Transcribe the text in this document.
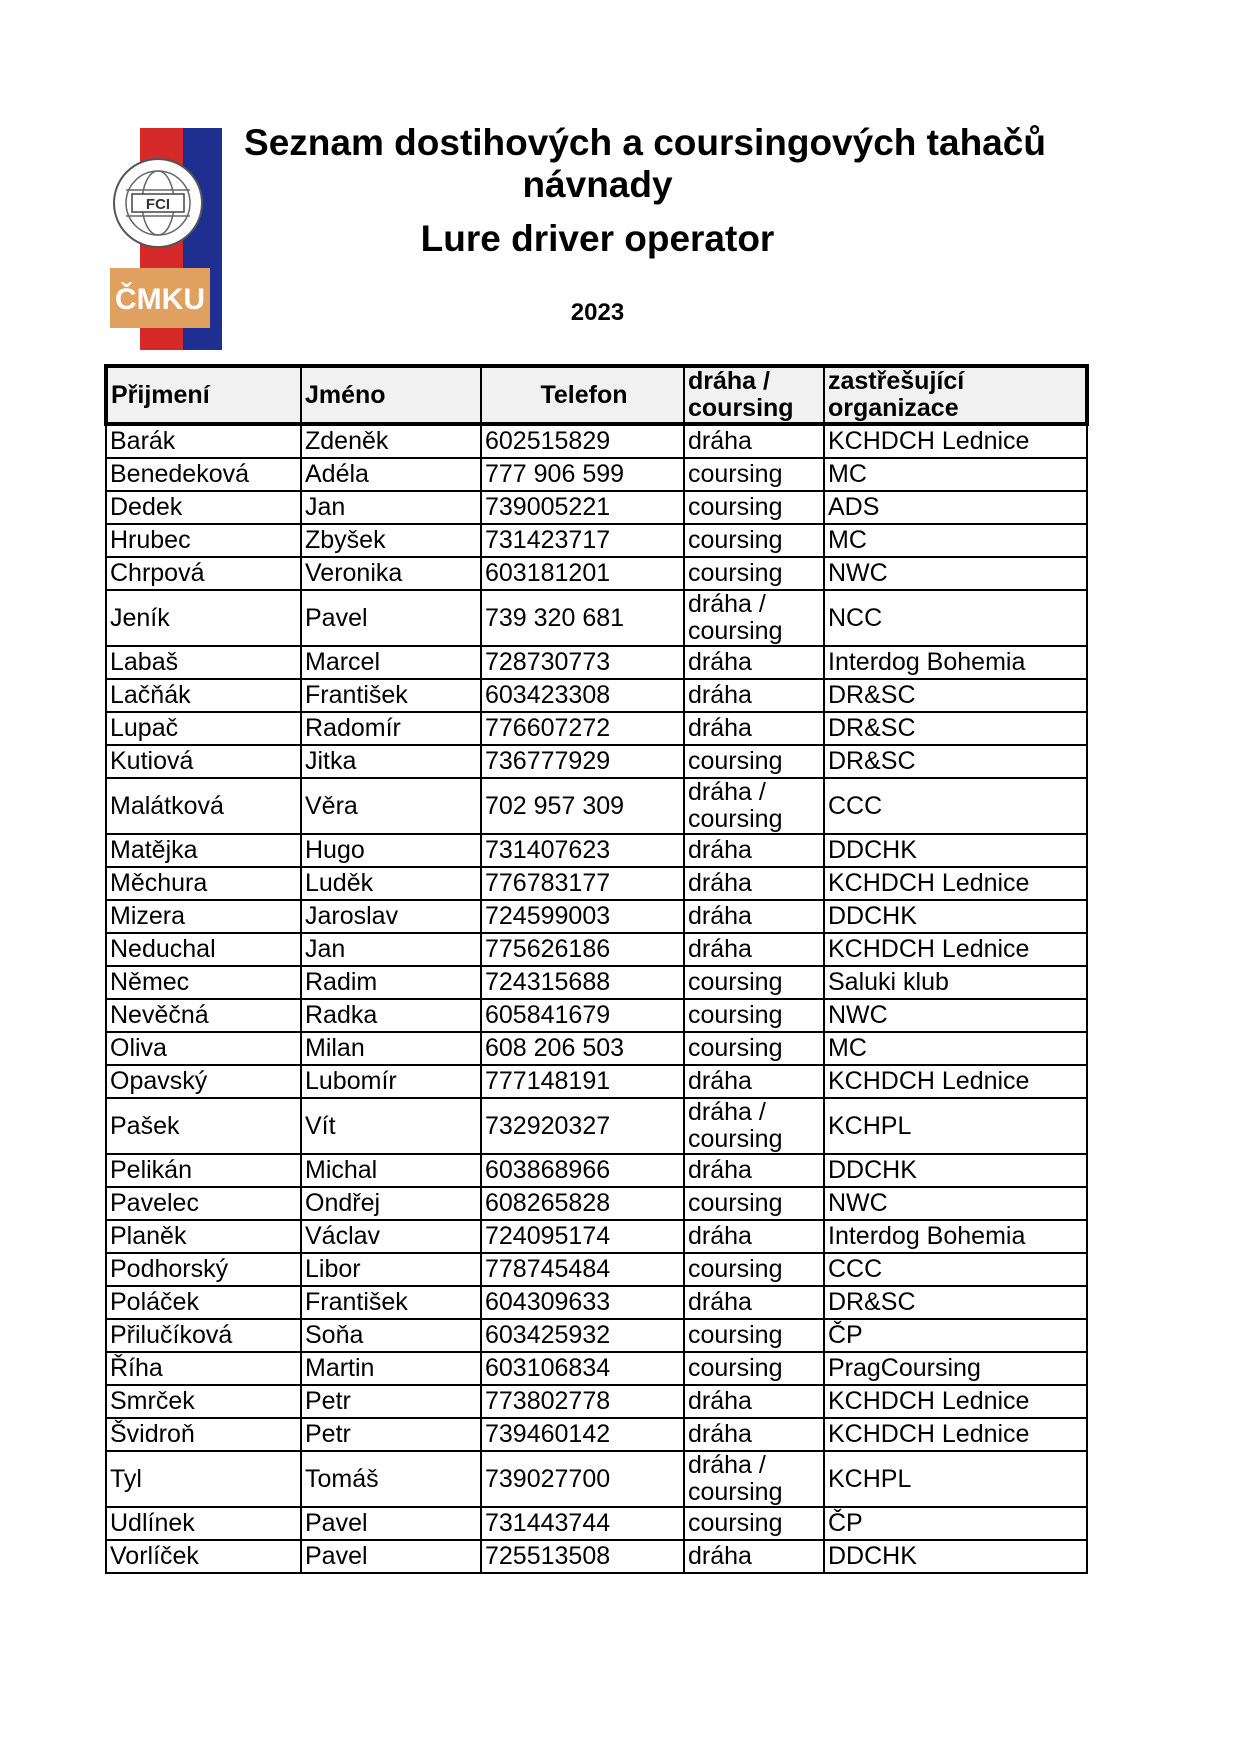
FCI
ČMKU
Seznam dostihových a coursingových tahačů
návnady
Lure driver operator
2023
Přijmení	Jméno	Telefon	dráha / coursing	zastřešující organizace
Barák	Zdeněk	602515829	dráha	KCHDCH Lednice
Benedeková	Adéla	777 906 599	coursing	MC
Dedek	Jan	739005221	coursing	ADS
Hrubec	Zbyšek	731423717	coursing	MC
Chrpová	Veronika	603181201	coursing	NWC
Jeník	Pavel	739 320 681	dráha / coursing	NCC
Labaš	Marcel	728730773	dráha	Interdog Bohemia
Lačňák	František	603423308	dráha	DR&SC
Lupač	Radomír	776607272	dráha	DR&SC
Kutiová	Jitka	736777929	coursing	DR&SC
Malátková	Věra	702 957 309	dráha / coursing	CCC
Matějka	Hugo	731407623	dráha	DDCHK
Měchura	Luděk	776783177	dráha	KCHDCH Lednice
Mizera	Jaroslav	724599003	dráha	DDCHK
Neduchal	Jan	775626186	dráha	KCHDCH Lednice
Němec	Radim	724315688	coursing	Saluki klub
Nevěčná	Radka	605841679	coursing	NWC
Oliva	Milan	608 206 503	coursing	MC
Opavský	Lubomír	777148191	dráha	KCHDCH Lednice
Pašek	Vít	732920327	dráha / coursing	KCHPL
Pelikán	Michal	603868966	dráha	DDCHK
Pavelec	Ondřej	608265828	coursing	NWC
Planěk	Václav	724095174	dráha	Interdog Bohemia
Podhorský	Libor	778745484	coursing	CCC
Poláček	František	604309633	dráha	DR&SC
Přilučíková	Soňa	603425932	coursing	ČP
Říha	Martin	603106834	coursing	PragCoursing
Smrček	Petr	773802778	dráha	KCHDCH Lednice
Švidroň	Petr	739460142	dráha	KCHDCH Lednice
Tyl	Tomáš	739027700	dráha / coursing	KCHPL
Udlínek	Pavel	731443744	coursing	ČP
Vorlíček	Pavel	725513508	dráha	DDCHK
